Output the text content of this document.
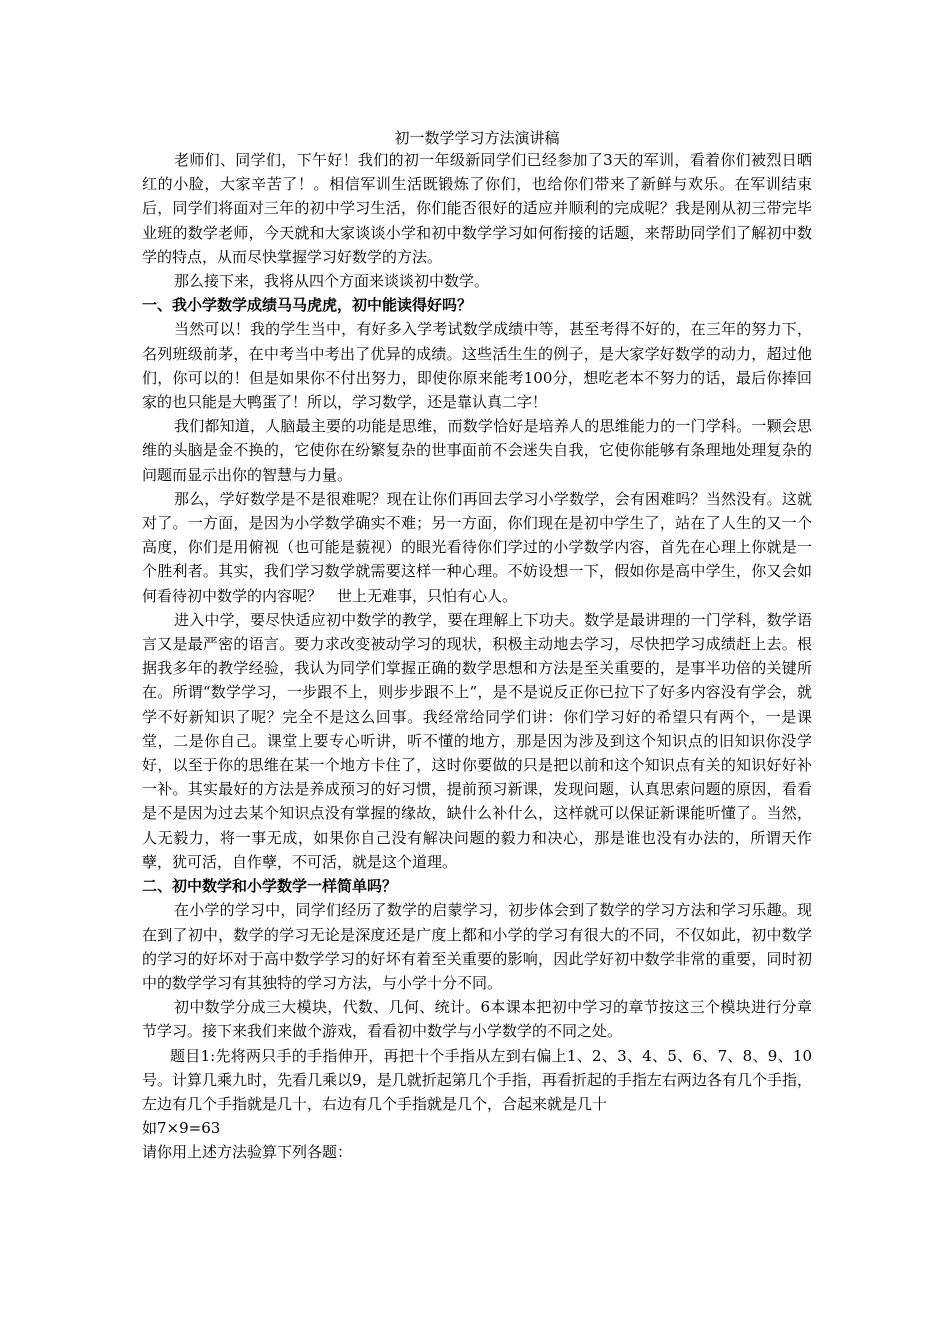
初一数学学习方法演讲稿

老师们、同学们，下午好！我们的初一年级新同学们已经参加了3天的军训，看着你们被烈日晒红的小脸，大家辛苦了！。相信军训生活既锻炼了你们，也给你们带来了新鲜与欢乐。在军训结束后，同学们将面对三年的初中学习生活，你们能否很好的适应并顺利的完成呢？我是刚从初三带完毕业班的数学老师，今天就和大家谈谈小学和初中数学学习如何衔接的话题，来帮助同学们了解初中数学的特点，从而尽快掌握学习好数学的方法。

那么接下来，我将从四个方面来谈谈初中数学。

一、我小学数学成绩马马虎虎，初中能读得好吗？

当然可以！我的学生当中，有好多入学考试数学成绩中等，甚至考得不好的，在三年的努力下，名列班级前茅，在中考当中考出了优异的成绩。这些活生生的例子，是大家学好数学的动力，超过他们，你可以的！但是如果你不付出努力，即使你原来能考100分，想吃老本不努力的话，最后你捧回家的也只能是大鸭蛋了！所以，学习数学，还是靠认真二字！

我们都知道，人脑最主要的功能是思维，而数学恰好是培养人的思维能力的一门学科。一颗会思维的头脑是金不换的，它使你在纷繁复杂的世事面前不会迷失自我，它使你能够有条理地处理复杂的问题而显示出你的智慧与力量。

那么，学好数学是不是很难呢？现在让你们再回去学习小学数学，会有困难吗？当然没有。这就对了。一方面，是因为小学数学确实不难；另一方面，你们现在是初中学生了，站在了人生的又一个高度，你们是用俯视（也可能是藐视）的眼光看待你们学过的小学数学内容，首先在心理上你就是一个胜利者。其实，我们学习数学就需要这样一种心理。不妨设想一下，假如你是高中学生，你又会如何看待初中数学的内容呢？　世上无难事，只怕有心人。

进入中学，要尽快适应初中数学的教学，要在理解上下功夫。数学是最讲理的一门学科，数学语言又是最严密的语言。要力求改变被动学习的现状，积极主动地去学习，尽快把学习成绩赶上去。根据我多年的教学经验，我认为同学们掌握正确的数学思想和方法是至关重要的，是事半功倍的关键所在。所谓“数学学习，一步跟不上，则步步跟不上”，是不是说反正你已拉下了好多内容没有学会，就学不好新知识了呢？完全不是这么回事。我经常给同学们讲：你们学习好的希望只有两个，一是课堂，二是你自己。课堂上要专心听讲，听不懂的地方，那是因为涉及到这个知识点的旧知识你没学好，以至于你的思维在某一个地方卡住了，这时你要做的只是把以前和这个知识点有关的知识好好补一补。其实最好的方法是养成预习的好习惯，提前预习新课，发现问题，认真思索问题的原因，看看是不是因为过去某个知识点没有掌握的缘故，缺什么补什么，这样就可以保证新课能听懂了。当然，人无毅力，将一事无成，如果你自己没有解决问题的毅力和决心，那是谁也没有办法的，所谓天作孽，犹可活，自作孽，不可活，就是这个道理。

二、初中数学和小学数学一样简单吗？

在小学的学习中，同学们经历了数学的启蒙学习，初步体会到了数学的学习方法和学习乐趣。现在到了初中，数学的学习无论是深度还是广度上都和小学的学习有很大的不同，不仅如此，初中数学的学习的好坏对于高中数学学习的好坏有着至关重要的影响，因此学好初中数学非常的重要，同时初中的数学学习有其独特的学习方法，与小学十分不同。

初中数学分成三大模块，代数、几何、统计。6本课本把初中学习的章节按这三个模块进行分章节学习。接下来我们来做个游戏，看看初中数学与小学数学的不同之处。

题目1:先将两只手的手指伸开，再把十个手指从左到右偏上1、2、3、4、5、6、7、8、9、10号。计算几乘九时，先看几乘以9，是几就折起第几个手指，再看折起的手指左右两边各有几个手指，左边有几个手指就是几十，右边有几个手指就是几个，合起来就是几十

如7×9=63

请你用上述方法验算下列各题：
